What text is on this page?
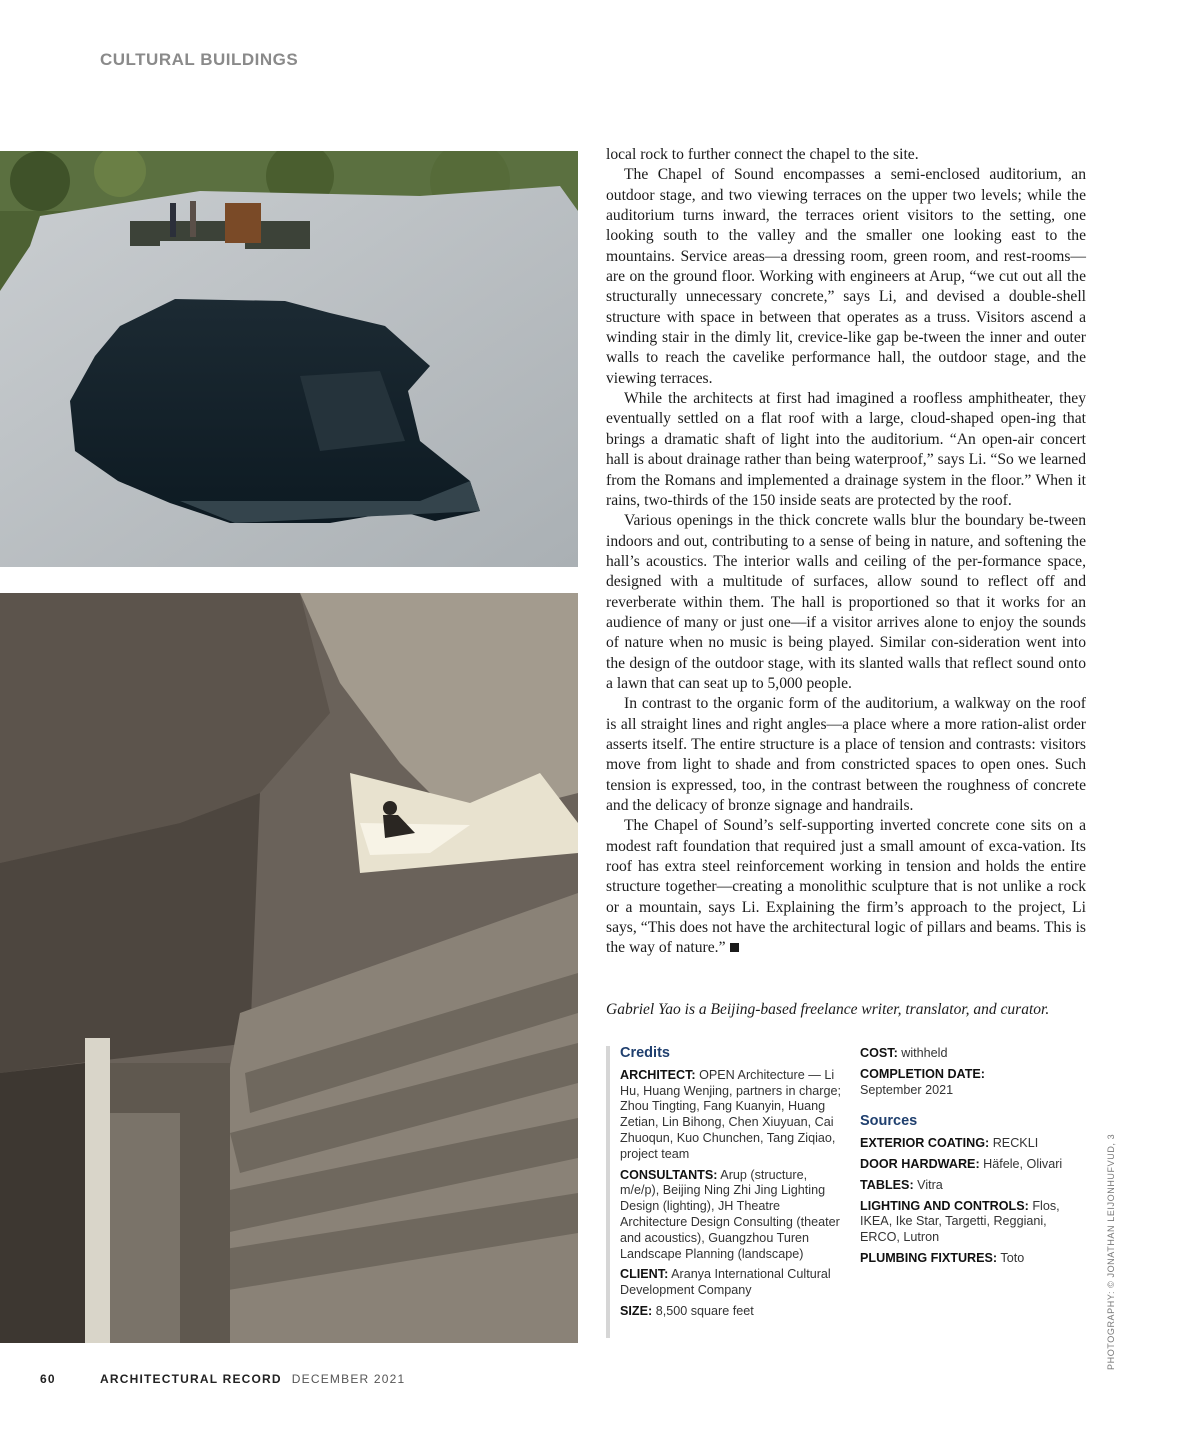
CULTURAL BUILDINGS

local rock to further connect the chapel to the site.

The Chapel of Sound encompasses a semi-enclosed auditorium, an outdoor stage, and two viewing terraces on the upper two levels; while the auditorium turns inward, the terraces orient visitors to the setting, one looking south to the valley and the smaller one looking east to the mountains. Service areas—a dressing room, green room, and rest-rooms—are on the ground floor. Working with engineers at Arup, “we cut out all the structurally unnecessary concrete,” says Li, and devised a double-shell structure with space in between that operates as a truss. Visitors ascend a winding stair in the dimly lit, crevice-like gap be-tween the inner and outer walls to reach the cavelike performance hall, the outdoor stage, and the viewing terraces.

While the architects at first had imagined a roofless amphitheater, they eventually settled on a flat roof with a large, cloud-shaped open-ing that brings a dramatic shaft of light into the auditorium. “An open-air concert hall is about drainage rather than being waterproof,” says Li. “So we learned from the Romans and implemented a drainage system in the floor.” When it rains, two-thirds of the 150 inside seats are protected by the roof.

Various openings in the thick concrete walls blur the boundary be-tween indoors and out, contributing to a sense of being in nature, and softening the hall’s acoustics. The interior walls and ceiling of the per-formance space, designed with a multitude of surfaces, allow sound to reflect off and reverberate within them. The hall is proportioned so that it works for an audience of many or just one—if a visitor arrives alone to enjoy the sounds of nature when no music is being played. Similar con-sideration went into the design of the outdoor stage, with its slanted walls that reflect sound onto a lawn that can seat up to 5,000 people.

In contrast to the organic form of the auditorium, a walkway on the roof is all straight lines and right angles—a place where a more ration-alist order asserts itself. The entire structure is a place of tension and contrasts: visitors move from light to shade and from constricted spaces to open ones. Such tension is expressed, too, in the contrast between the roughness of concrete and the delicacy of bronze signage and handrails.

The Chapel of Sound’s self-supporting inverted concrete cone sits on a modest raft foundation that required just a small amount of exca-vation. Its roof has extra steel reinforcement working in tension and holds the entire structure together—creating a monolithic sculpture that is not unlike a rock or a mountain, says Li. Explaining the firm’s approach to the project, Li says, “This does not have the architectural logic of pillars and beams. This is the way of nature.”

Gabriel Yao is a Beijing-based freelance writer, translator, and curator.
Credits
ARCHITECT: OPEN Architecture — Li Hu, Huang Wenjing, partners in charge; Zhou Tingting, Fang Kuanyin, Huang Zetian, Lin Bihong, Chen Xiuyuan, Cai Zhuoqun, Kuo Chunchen, Tang Ziqiao, project team
CONSULTANTS: Arup (structure, m/e/p), Beijing Ning Zhi Jing Lighting Design (lighting), JH Theatre Architecture Design Consulting (theater and acoustics), Guangzhou Turen Landscape Planning (landscape)
CLIENT: Aranya International Cultural Development Company
SIZE: 8,500 square feet
COST: withheld
COMPLETION DATE:
September 2021
Sources
EXTERIOR COATING: RECKLI
DOOR HARDWARE: Häfele, Olivari
TABLES: Vitra
LIGHTING AND CONTROLS: Flos, IKEA, Ike Star, Targetti, Reggiani, ERCO, Lutron
PLUMBING FIXTURES: Toto	PHOTOGRAPHY: © JONATHAN LEIJONHUFVUD, 3
60	ARCHITECTURAL RECORD DECEMBER 2021
